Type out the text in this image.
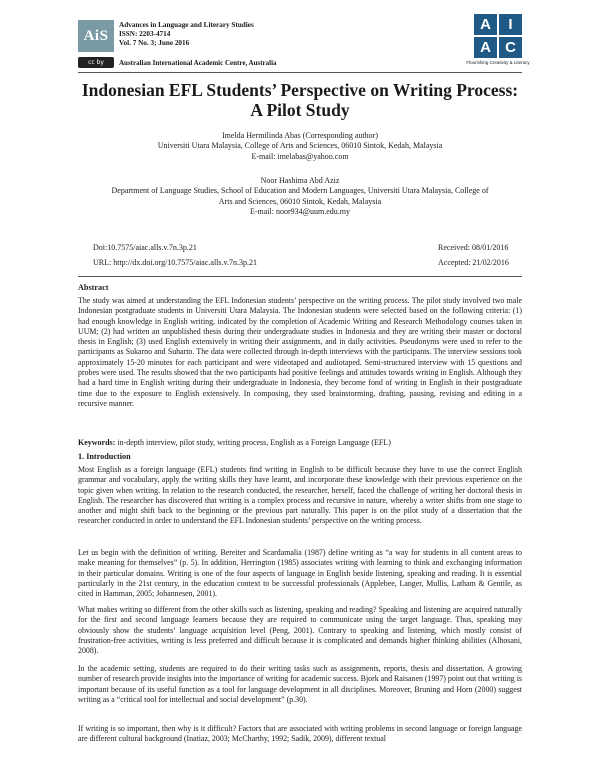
AiS
cc by
Advances in Language and Literary Studies
ISSN: 2203-4714
Vol. 7 No. 3; June 2016
Australian International Academic Centre, Australia
A	I
A C
Flourishing Creativity & Literacy
Indonesian EFL Students’ Perspective on Writing Process:
A Pilot Study
Imelda Hermilinda Abas (Corresponding author)
Universiti Utara Malaysia, College of Arts and Sciences, 06010 Sintok, Kedah, Malaysia
E-mail: imelabas@yahoo.com
Noor Hashima Abd Aziz
Department of Language Studies, School of Education and Modern Languages, Universiti Utara Malaysia, College of
Arts and Sciences, 06010 Sintok, Kedah, Malaysia
E-mail: noor934@uum.edu.my
Doi:10.7575/aiac.alls.v.7n.3p.21	Received: 08/01/2016
URL: http://dx.doi.org/10.7575/aiac.alls.v.7n.3p.21	Accepted: 21/02/2016
Abstract
The study was aimed at understanding the EFL Indonesian students’ perspective on the writing process. The pilot study involved two male Indonesian postgraduate students in Universiti Utara Malaysia. The Indonesian students were selected based on the following criteria: (1) had enough knowledge in English writing, indicated by the completion of Academic Writing and Research Methodology courses taken in UUM; (2) had written an unpublished thesis during their undergraduate studies in Indonesia and they are writing their master or doctoral thesis in English; (3) used English extensively in writing their assignments, and in daily activities. Pseudonyms were used to refer to the participants as Sukarno and Suharto. The data were collected through in-depth interviews with the participants. The interview sessions took approximately 15-20 minutes for each participant and were videotaped and audiotaped. Semi-structured interview with 15 questions and probes were used. The results showed that the two participants had positive feelings and attitudes towards writing in English. Although they had a hard time in English writing during their undergraduate in Indonesia, they become fond of writing in English in their postgraduate time due to the exposure to English extensively. In composing, they used brainstorming, drafting, pausing, revising and editing in a recursive manner.
Keywords: in-depth interview, pilot study, writing process, English as a Foreign Language (EFL)
1. Introduction
Most English as a foreign language (EFL) students find writing in English to be difficult because they have to use the correct English grammar and vocabulary, apply the writing skills they have learnt, and incorporate these knowledge with their previous experience on the topic given when writing. In relation to the research conducted, the researcher, herself, faced the challenge of writing her doctoral thesis in English. The researcher has discovered that writing is a complex process and recursive in nature, whereby a writer shifts from one stage to another and might shift back to the beginning or the previous part naturally. This paper is on the pilot study of a dissertation that the researcher conducted in order to understand the EFL Indonesian students’ perspective on the writing process.
Let us begin with the definition of writing. Bereiter and Scardamalia (1987) define writing as “a way for students in all content areas to make meaning for themselves” (p. 5). In addition, Herrington (1985) associates writing with learning to think and exchanging information in their particular domains. Writing is one of the four aspects of language in English beside listening, speaking and reading. It is essential particularly in the 21st century, in the education context to be successful professionals (Applebee, Langer, Mullis, Latham & Gentile, as cited in Hamman, 2005; Johannesen, 2001).
What makes writing so different from the other skills such as listening, speaking and reading? Speaking and listening are acquired naturally for the first and second language learners because they are required to communicate using the target language. Thus, speaking may obviously show the students’ language acquisition level (Peng, 2001). Contrary to speaking and listening, which mostly consist of frustration-free activities, writing is less preferred and difficult because it is complicated and demands higher thinking abilities (Alhosani, 2008).
In the academic setting, students are required to do their writing tasks such as assignments, reports, thesis and dissertation. A growing number of research provide insights into the importance of writing for academic success. Bjork and Raisanen (1997) point out that writing is important because of its useful function as a tool for language development in all disciplines. Moreover, Bruning and Horn (2000) suggest writing as a “critical tool for intellectual and social development” (p.30).
If writing is so important, then why is it difficult? Factors that are associated with writing problems in second language or foreign language are different cultural background (Inatiaz, 2003; McCharthy, 1992; Sadik, 2009), different textual
